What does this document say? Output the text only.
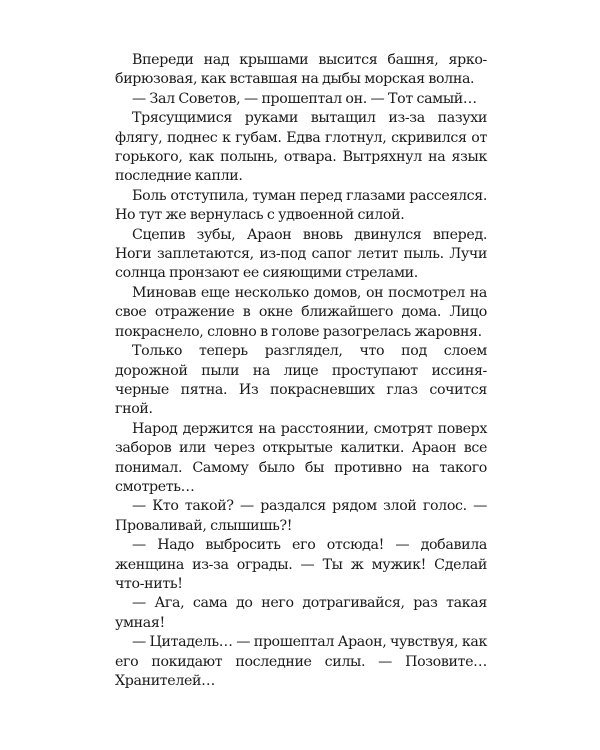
Впереди над крышами высится башня, ярко-бирюзовая, как вставшая на дыбы морская волна.

— Зал Советов, — прошептал он. — Тот самый…

Трясущимися руками вытащил из-за пазухи флягу, поднес к губам. Едва глотнул, скривился от горького, как полынь, отвара. Вытряхнул на язык последние капли.

Боль отступила, туман перед глазами рассеялся. Но тут же вернулась с удвоенной силой.

Сцепив зубы, Араон вновь двинулся вперед. Ноги заплетаются, из-под сапог летит пыль. Лучи солнца пронзают ее сияющими стрелами.

Миновав еще несколько домов, он посмотрел на свое отражение в окне ближайшего дома. Лицо покраснело, словно в голове разогрелась жаровня.

Только теперь разглядел, что под слоем дорожной пыли на лице проступают иссиня-черные пятна. Из покрасневших глаз сочится гной.

Народ держится на расстоянии, смотрят поверх заборов или через открытые калитки. Араон все понимал. Самому было бы противно на такого смотреть…

— Кто такой? — раздался рядом злой голос. — Проваливай, слышишь?!

— Надо выбросить его отсюда! — добавила женщина из-за ограды. — Ты ж мужик! Сделай что-нить!

— Ага, сама до него дотрагивайся, раз такая умная!

— Цитадель… — прошептал Араон, чувствуя, как его покидают последние силы. — Позовите… Хранителей…
